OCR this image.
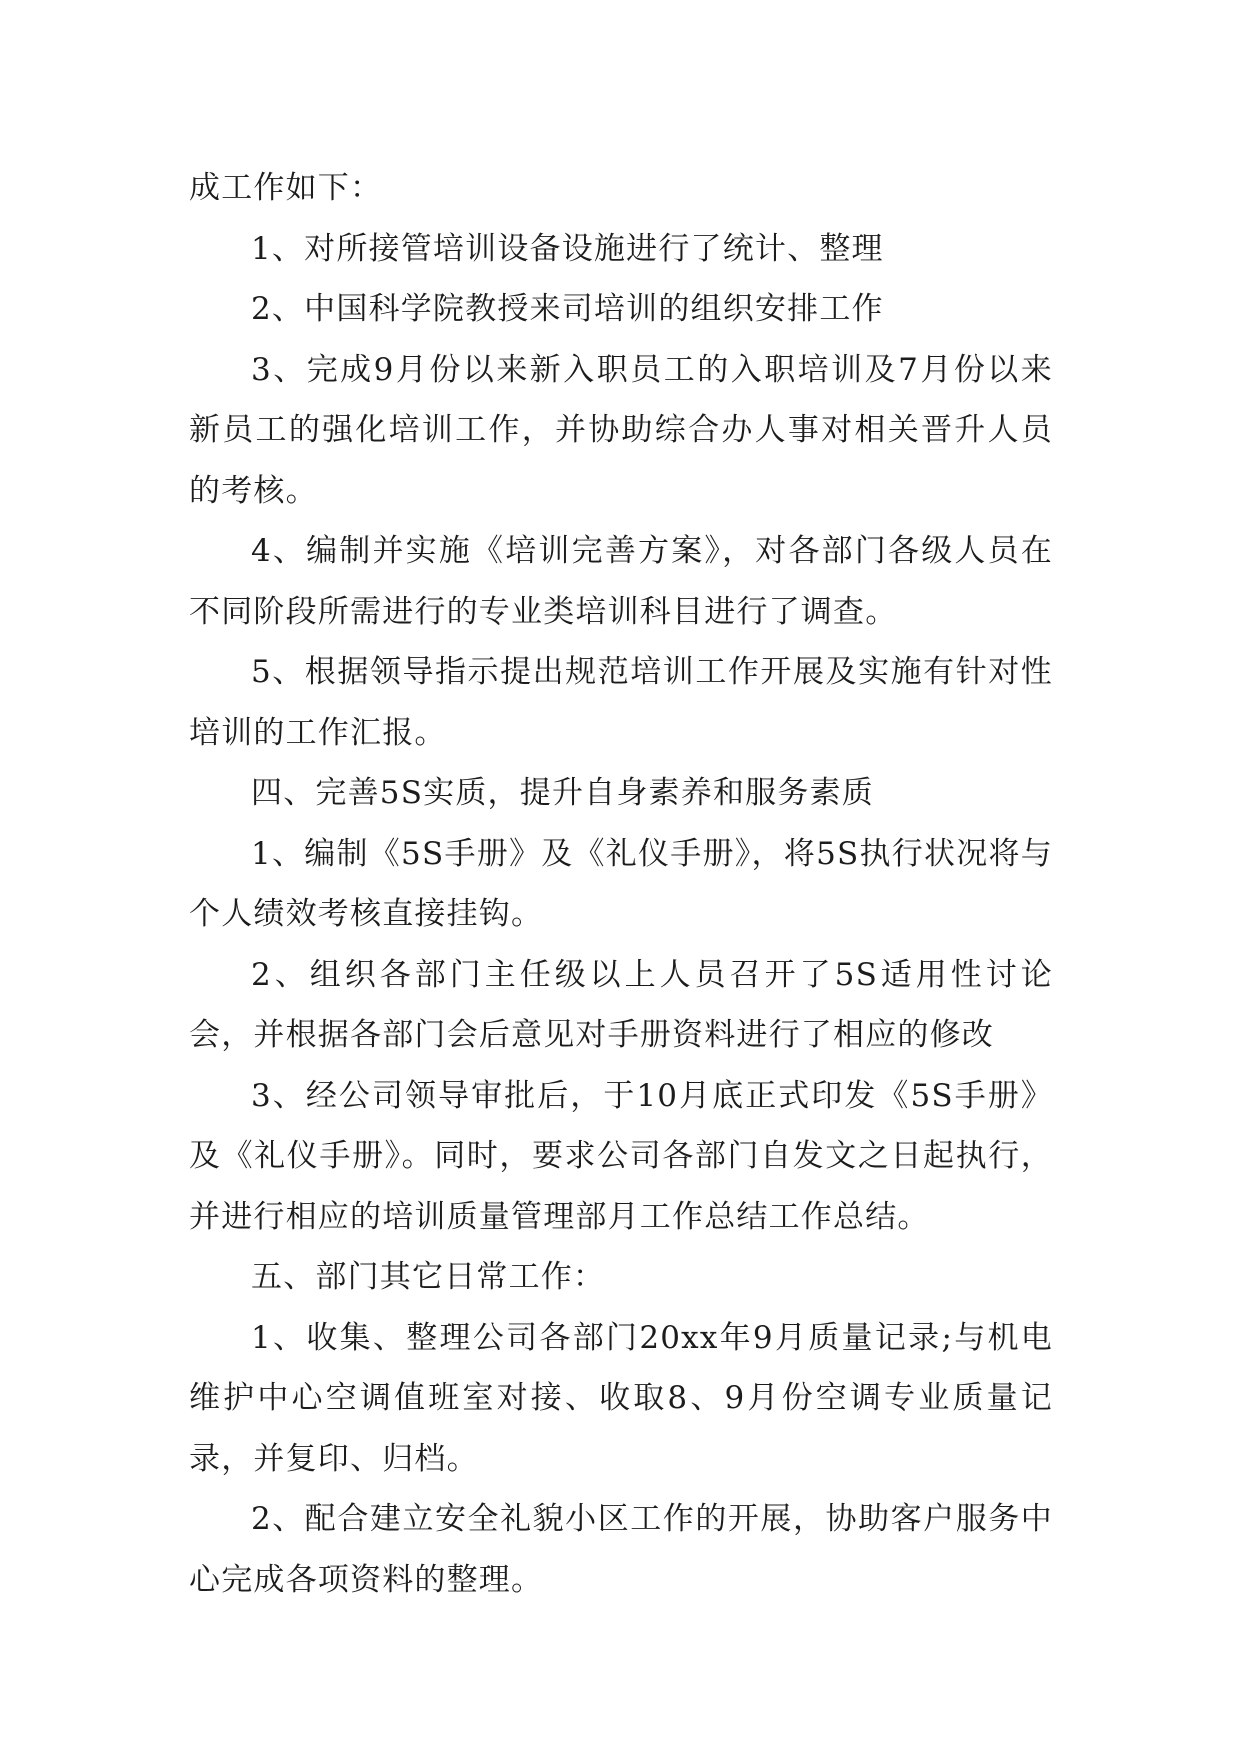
成工作如下：

1、对所接管培训设备设施进行了统计、整理

2、中国科学院教授来司培训的组织安排工作

3、完成9月份以来新入职员工的入职培训及7月份以来新员工的强化培训工作，并协助综合办人事对相关晋升人员的考核。

4、编制并实施《培训完善方案》，对各部门各级人员在不同阶段所需进行的专业类培训科目进行了调查。

5、根据领导指示提出规范培训工作开展及实施有针对性培训的工作汇报。

四、完善5S实质，提升自身素养和服务素质

1、编制《5S手册》及《礼仪手册》，将5S执行状况将与个人绩效考核直接挂钩。

2、组织各部门主任级以上人员召开了5S适用性讨论会，并根据各部门会后意见对手册资料进行了相应的修改

3、经公司领导审批后，于10月底正式印发《5S手册》及《礼仪手册》。同时，要求公司各部门自发文之日起执行，并进行相应的培训质量管理部月工作总结工作总结。

五、部门其它日常工作：

1、收集、整理公司各部门20xx年9月质量记录;与机电维护中心空调值班室对接、收取8、9月份空调专业质量记录，并复印、归档。

2、配合建立安全礼貌小区工作的开展，协助客户服务中心完成各项资料的整理。
